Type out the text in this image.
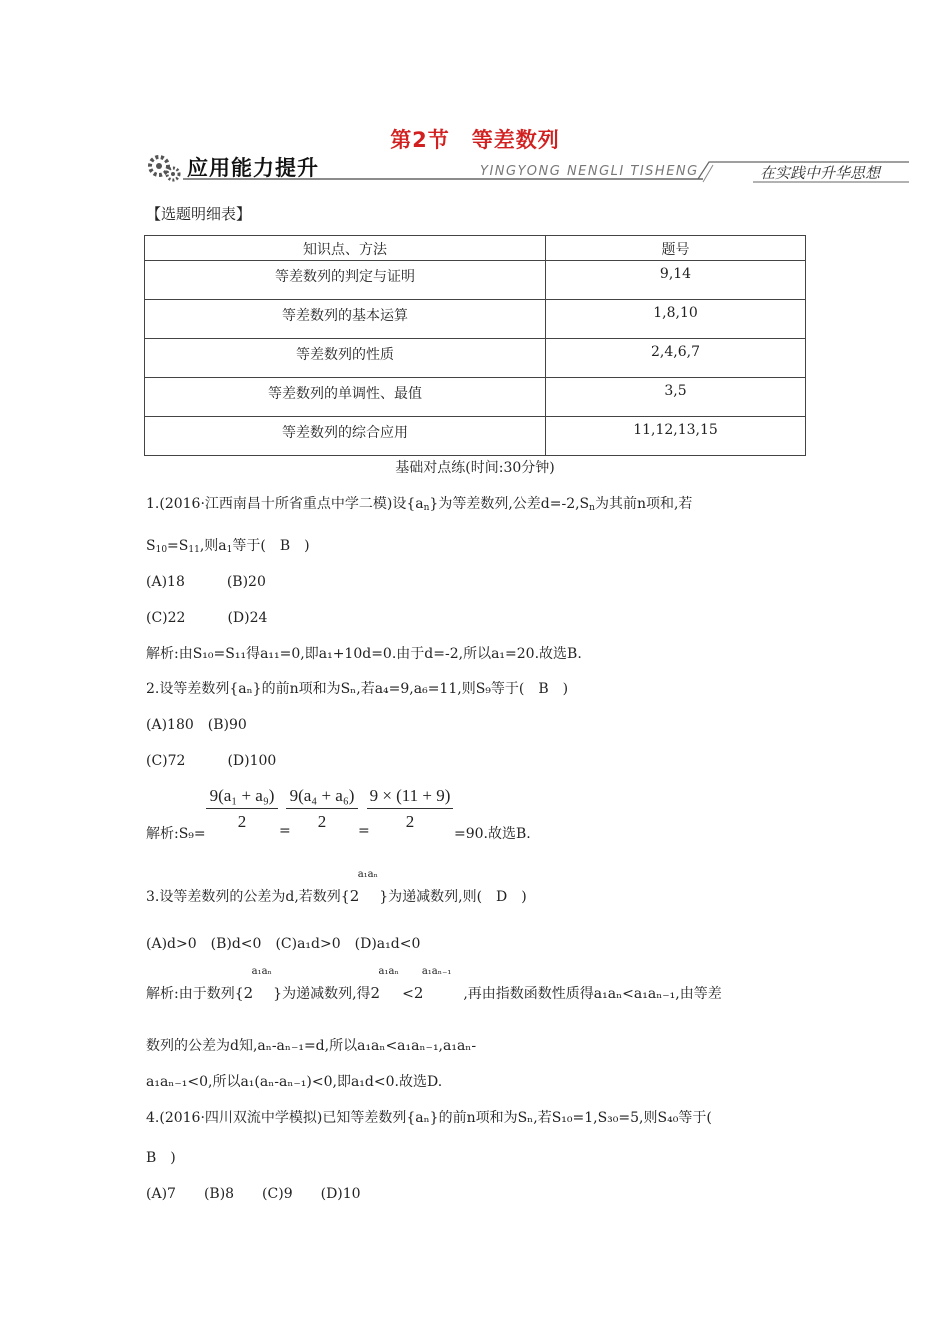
第2节　等差数列
应用能力提升	YINGYONG NENGLI TISHENG	在实践中升华思想
【选题明细表】
知识点、方法	题号
等差数列的判定与证明	9,14
等差数列的基本运算	1,8,10
等差数列的性质	2,4,6,7
等差数列的单调性、最值	3,5
等差数列的综合应用	11,12,13,15
基础对点练(时间:30分钟)
1.(2016·江西南昌十所省重点中学二模)设$\{a_n\}$为等差数列,公差$d=-2,S_n$为其前n项和,若
$S_{10}=S_{11}$,则$a_1$等于(　B　)
(A)18　　　(B)20
(C)22　　　(D)24
解析:由S₁₀=S₁₁得a₁₁=0,即a₁+10d=0.由于d=-2,所以a₁=20.故选B.
2.设等差数列{aₙ}的前n项和为Sₙ,若a₄=9,a₆=11,则S₉等于(　B　)
(A)180　(B)90
(C)72　　　(D)100
解析:S₉=
$\frac{\text{9(a₁ + a₉)}}{2}$ =
$\frac{\text{9(a₄ + a₆)}}{2}$ =
$\frac{9 \times (11 + 9)}{2}$
=90.故选B.
3.设等差数列的公差为d,若数列{2
a₁aₙ
}为递减数列,则(　D　)
(A)d>0　(B)d<0　(C)a₁d>0　(D)a₁d<0
解析:由于数列{2
a₁aₙ
}为递减数列,得2
a₁aₙ
<2
a₁aₙ₋₁
,再由指数函数性质得a₁aₙ<a₁aₙ₋₁,由等差
数列的公差为d知,aₙ-aₙ₋₁=d,所以a₁aₙ<a₁aₙ₋₁,a₁aₙ-
a₁aₙ₋₁<0,所以a₁(aₙ-aₙ₋₁)<0,即a₁d<0.故选D.
4.(2016·四川双流中学模拟)已知等差数列{aₙ}的前n项和为Sₙ,若S₁₀=1,S₃₀=5,则S₄₀等于(
B　)
(A)7　　(B)8　　(C)9　　(D)10
